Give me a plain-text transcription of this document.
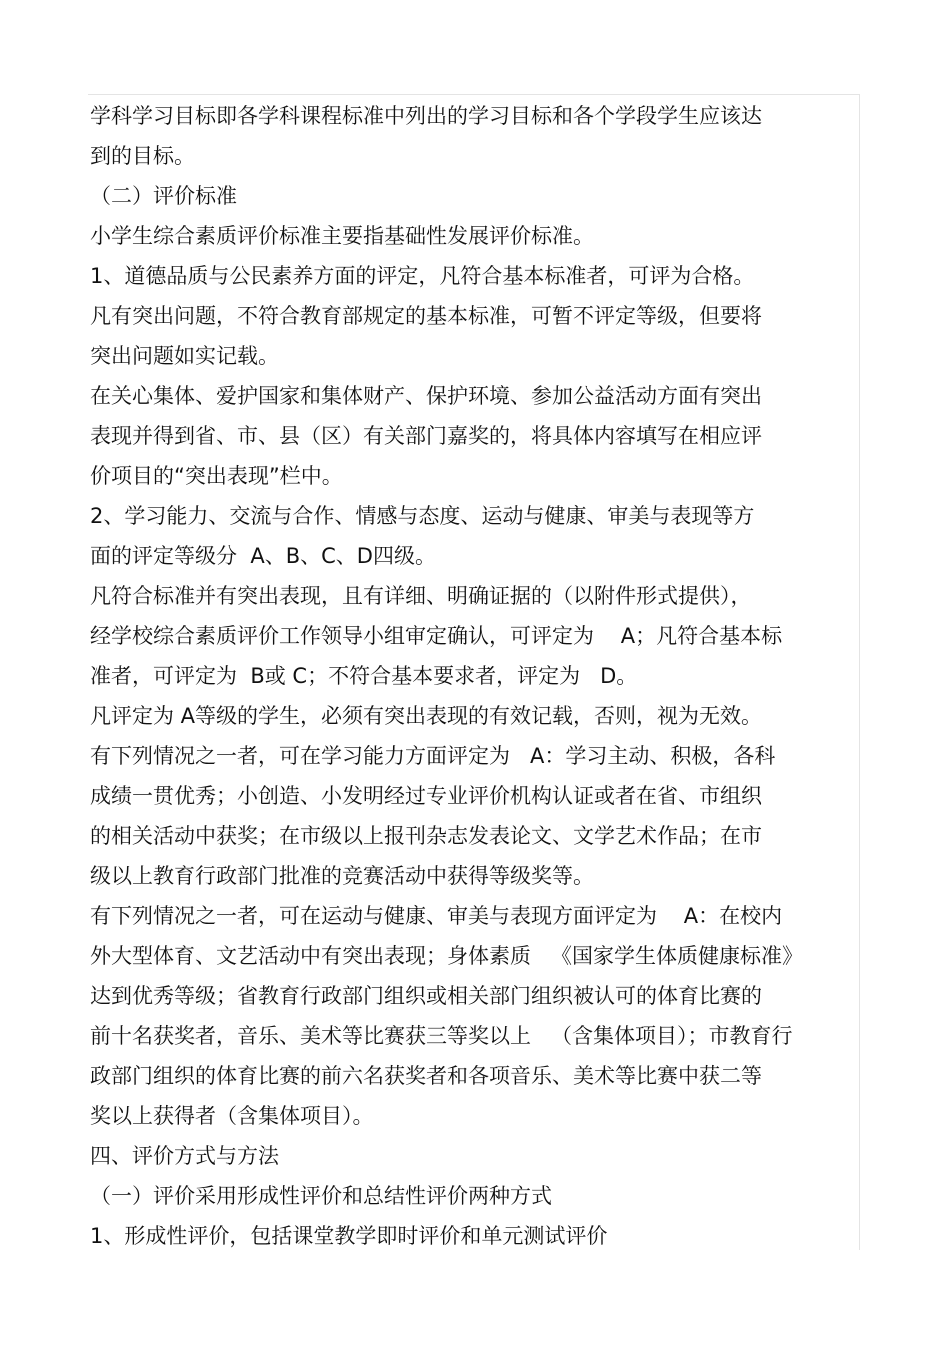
学科学习目标即各学科课程标准中列出的学习目标和各个学段学生应该达
到的目标。
（二）评价标准
小学生综合素质评价标准主要指基础性发展评价标准。
1、道德品质与公民素养方面的评定，凡符合基本标准者，可评为合格。
凡有突出问题，不符合教育部规定的基本标准，可暂不评定等级，但要将
突出问题如实记载。
在关心集体、爱护国家和集体财产、保护环境、参加公益活动方面有突出
表现并得到省、市、县（区）有关部门嘉奖的，将具体内容填写在相应评
价项目的“突出表现”栏中。
2、学习能力、交流与合作、情感与态度、运动与健康、审美与表现等方
面的评定等级分  A、B、C、D四级。
凡符合标准并有突出表现，且有详细、明确证据的（以附件形式提供），
经学校综合素质评价工作领导小组审定确认，可评定为    A；凡符合基本标
准者，可评定为  B或 C；不符合基本要求者，评定为   D。
凡评定为 A等级的学生，必须有突出表现的有效记载，否则，视为无效。
有下列情况之一者，可在学习能力方面评定为   A：学习主动、积极，各科
成绩一贯优秀；小创造、小发明经过专业评价机构认证或者在省、市组织
的相关活动中获奖；在市级以上报刊杂志发表论文、文学艺术作品；在市
级以上教育行政部门批准的竞赛活动中获得等级奖等。
有下列情况之一者，可在运动与健康、审美与表现方面评定为    A：在校内
外大型体育、文艺活动中有突出表现；身体素质   《国家学生体质健康标准》
达到优秀等级；省教育行政部门组织或相关部门组织被认可的体育比赛的
前十名获奖者，音乐、美术等比赛获三等奖以上   （含集体项目）；市教育行
政部门组织的体育比赛的前六名获奖者和各项音乐、美术等比赛中获二等
奖以上获得者（含集体项目）。
四、评价方式与方法
（一）评价采用形成性评价和总结性评价两种方式
1、形成性评价，包括课堂教学即时评价和单元测试评价
